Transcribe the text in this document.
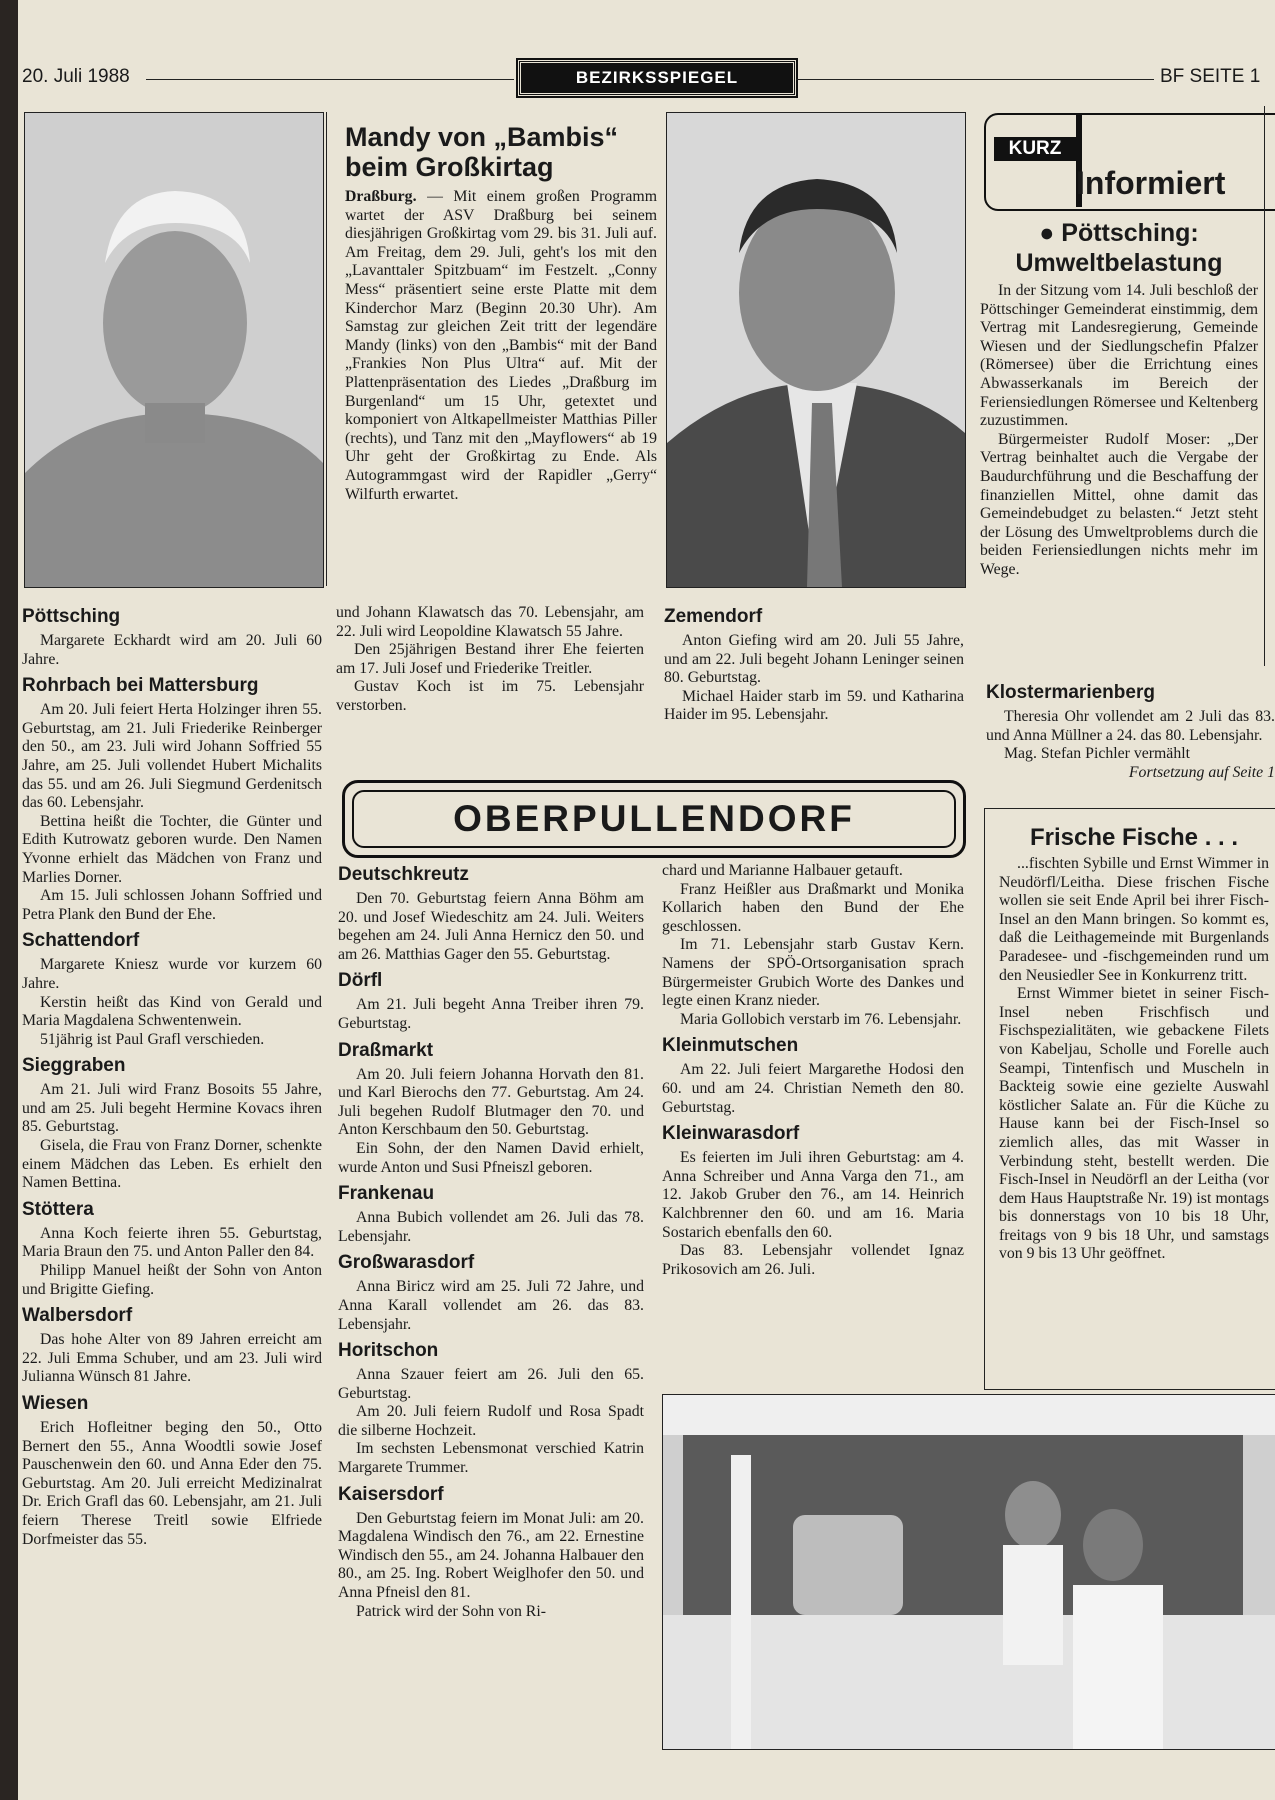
20. Juli 1988	BEZIRKSSPIEGEL	BF SEITE 1
Mandy von „Bambis“
beim Großkirtag
Draßburg. — Mit einem großen Programm wartet der ASV Draßburg bei seinem diesjährigen Großkirtag vom 29. bis 31. Juli auf. Am Freitag, dem 29. Juli, geht's los mit den „Lavanttaler Spitzbuam“ im Festzelt. „Conny Mess“ präsentiert seine erste Platte mit dem Kinderchor Marz (Beginn 20.30 Uhr). Am Samstag zur gleichen Zeit tritt der legendäre Mandy (links) von den „Bambis“ mit der Band „Frankies Non Plus Ultra“ auf. Mit der Plattenpräsentation des Liedes „Draßburg im Burgenland“ um 15 Uhr, getextet und komponiert von Altkapellmeister Matthias Piller (rechts), und Tanz mit den „Mayflowers“ ab 19 Uhr geht der Großkirtag zu Ende. Als Autogrammgast wird der Rapidler „Gerry“ Wilfurth erwartet.
KURZ
Informiert
● Pöttsching: Umweltbelastung

In der Sitzung vom 14. Juli beschloß der Pöttschinger Gemeinderat einstimmig, dem Vertrag mit Landesregierung, Gemeinde Wiesen und der Siedlungschefin Pfalzer (Römersee) über die Errichtung eines Abwasserkanals im Bereich der Feriensiedlungen Römersee und Keltenberg zuzustimmen.

Bürgermeister Rudolf Moser: „Der Vertrag beinhaltet auch die Vergabe der Baudurchführung und die Beschaffung der finanziellen Mittel, ohne damit das Gemeindebudget zu belasten.“ Jetzt steht der Lösung des Umweltproblems durch die beiden Feriensiedlungen nichts mehr im Wege.

Klostermarienberg

Theresia Ohr vollendet am 2 Juli das 83. und Anna Müllner a 24. das 80. Lebensjahr.

Mag. Stefan Pichler vermählt

Fortsetzung auf Seite 1
Frische Fische . . .

...fischten Sybille und Ernst Wimmer in Neudörfl/Leitha. Diese frischen Fische wollen sie seit Ende April bei ihrer Fisch-Insel an den Mann bringen. So kommt es, daß die Leithagemeinde mit Burgenlands Paradesee- und -fischgemeinden rund um den Neusiedler See in Konkurrenz tritt.

Ernst Wimmer bietet in seiner Fisch-Insel neben Frischfisch und Fischspezialitäten, wie gebackene Filets von Kabeljau, Scholle und Forelle auch Seampi, Tintenfisch und Muscheln in Backteig sowie eine gezielte Auswahl köstlicher Salate an. Für die Küche zu Hause kann bei der Fisch-Insel so ziemlich alles, das mit Wasser in Verbindung steht, bestellt werden. Die Fisch-Insel in Neudörfl an der Leitha (vor dem Haus Hauptstraße Nr. 19) ist montags bis donnerstags von 10 bis 18 Uhr, freitags von 9 bis 18 Uhr, und samstags von 9 bis 13 Uhr geöffnet.

Pöttsching

Margarete Eckhardt wird am 20. Juli 60 Jahre.

Rohrbach bei Mattersburg

Am 20. Juli feiert Herta Holzinger ihren 55. Geburtstag, am 21. Juli Friederike Reinberger den 50., am 23. Juli wird Johann Soffried 55 Jahre, am 25. Juli vollendet Hubert Michalits das 55. und am 26. Juli Siegmund Gerdenitsch das 60. Lebensjahr.

Bettina heißt die Tochter, die Günter und Edith Kutrowatz geboren wurde. Den Namen Yvonne erhielt das Mädchen von Franz und Marlies Dorner.

Am 15. Juli schlossen Johann Soffried und Petra Plank den Bund der Ehe.

Schattendorf

Margarete Kniesz wurde vor kurzem 60 Jahre.

Kerstin heißt das Kind von Gerald und Maria Magdalena Schwentenwein.

51jährig ist Paul Grafl verschieden.

Sieggraben

Am 21. Juli wird Franz Bosoits 55 Jahre, und am 25. Juli begeht Hermine Kovacs ihren 85. Geburtstag.

Gisela, die Frau von Franz Dorner, schenkte einem Mädchen das Leben. Es erhielt den Namen Bettina.

Stöttera

Anna Koch feierte ihren 55. Geburtstag, Maria Braun den 75. und Anton Paller den 84.

Philipp Manuel heißt der Sohn von Anton und Brigitte Giefing.

Walbersdorf

Das hohe Alter von 89 Jahren erreicht am 22. Juli Emma Schuber, und am 23. Juli wird Julianna Wünsch 81 Jahre.

Wiesen

Erich Hofleitner beging den 50., Otto Bernert den 55., Anna Woodtli sowie Josef Pauschenwein den 60. und Anna Eder den 75. Geburtstag. Am 20. Juli erreicht Medizinalrat Dr. Erich Grafl das 60. Lebensjahr, am 21. Juli feiern Therese Treitl sowie Elfriede Dorfmeister das 55.

und Johann Klawatsch das 70. Lebensjahr, am 22. Juli wird Leopoldine Klawatsch 55 Jahre.

Den 25jährigen Bestand ihrer Ehe feierten am 17. Juli Josef und Friederike Treitler.

Gustav Koch ist im 75. Lebensjahr verstorben.

Zemendorf

Anton Giefing wird am 20. Juli 55 Jahre, und am 22. Juli begeht Johann Leninger seinen 80. Geburtstag.

Michael Haider starb im 59. und Katharina Haider im 95. Lebensjahr.

OBERPULLENDORF
Deutschkreutz

Den 70. Geburtstag feiern Anna Böhm am 20. und Josef Wiedeschitz am 24. Juli. Weiters begehen am 24. Juli Anna Hernicz den 50. und am 26. Matthias Gager den 55. Geburtstag.

Dörfl

Am 21. Juli begeht Anna Treiber ihren 79. Geburtstag.

Draßmarkt

Am 20. Juli feiern Johanna Horvath den 81. und Karl Bierochs den 77. Geburtstag. Am 24. Juli begehen Rudolf Blutmager den 70. und Anton Kerschbaum den 50. Geburtstag.

Ein Sohn, der den Namen David erhielt, wurde Anton und Susi Pfneiszl geboren.

Frankenau

Anna Bubich vollendet am 26. Juli das 78. Lebensjahr.

Großwarasdorf

Anna Biricz wird am 25. Juli 72 Jahre, und Anna Karall vollendet am 26. das 83. Lebensjahr.

Horitschon

Anna Szauer feiert am 26. Juli den 65. Geburtstag.

Am 20. Juli feiern Rudolf und Rosa Spadt die silberne Hochzeit.

Im sechsten Lebensmonat verschied Katrin Margarete Trummer.

Kaisersdorf

Den Geburtstag feiern im Monat Juli: am 20. Magdalena Windisch den 76., am 22. Ernestine Windisch den 55., am 24. Johanna Halbauer den 80., am 25. Ing. Robert Weiglhofer den 50. und Anna Pfneisl den 81.

Patrick wird der Sohn von Ri-

chard und Marianne Halbauer getauft.

Franz Heißler aus Draßmarkt und Monika Kollarich haben den Bund der Ehe geschlossen.

Im 71. Lebensjahr starb Gustav Kern. Namens der SPÖ-Ortsorganisation sprach Bürgermeister Grubich Worte des Dankes und legte einen Kranz nieder.

Maria Gollobich verstarb im 76. Lebensjahr.

Kleinmutschen

Am 22. Juli feiert Margarethe Hodosi den 60. und am 24. Christian Nemeth den 80. Geburtstag.

Kleinwarasdorf

Es feierten im Juli ihren Geburtstag: am 4. Anna Schreiber und Anna Varga den 71., am 12. Jakob Gruber den 76., am 14. Heinrich Kalchbrenner den 60. und am 16. Maria Sostarich ebenfalls den 60.

Das 83. Lebensjahr vollendet Ignaz Prikosovich am 26. Juli.
